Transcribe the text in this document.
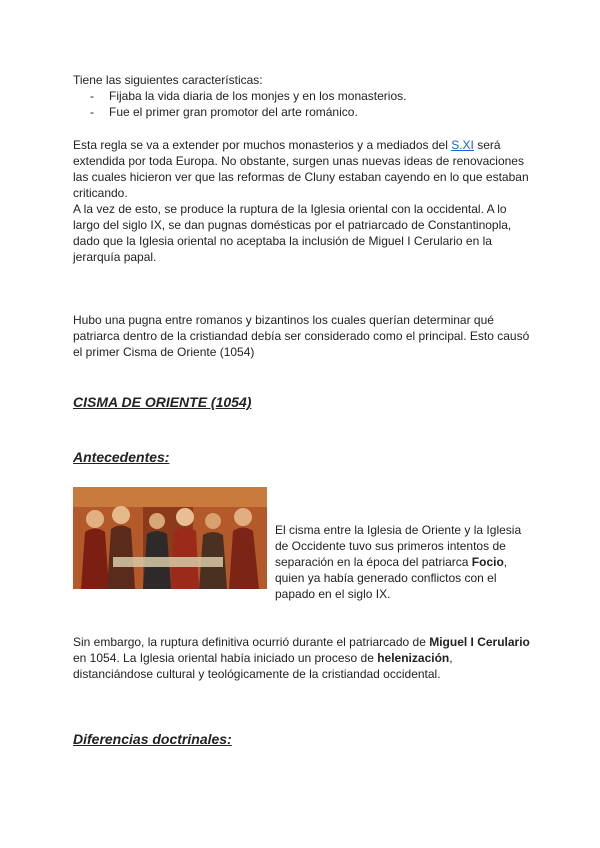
Tiene las siguientes características:

- Fijaba la vida diaria de los monjes y en los monasterios.
- Fue el primer gran promotor del arte románico.

Esta regla se va a extender por muchos monasterios y a mediados del S.XI será extendida por toda Europa. No obstante, surgen unas nuevas ideas de renovaciones las cuales hicieron ver que las reformas de Cluny estaban cayendo en lo que estaban criticando.

A la vez de esto, se produce la ruptura de la Iglesia oriental con la occidental. A lo largo del siglo IX, se dan pugnas domésticas por el patriarcado de Constantinopla, dado que la Iglesia oriental no aceptaba la inclusión de Miguel I Cerulario en la jerarquía papal.

Hubo una pugna entre romanos y bizantinos los cuales querían determinar qué patriarca dentro de la cristiandad debía ser considerado como el principal. Esto causó el primer Cisma de Oriente (1054)

CISMA DE ORIENTE (1054)
Antecedentes:

El cisma entre la Iglesia de Oriente y la Iglesia de Occidente tuvo sus primeros intentos de separación en la época del patriarca Focio, quien ya había generado conflictos con el papado en el siglo IX.

Sin embargo, la ruptura definitiva ocurrió durante el patriarcado de Miguel I Cerulario en 1054. La Iglesia oriental había iniciado un proceso de helenización, distanciándose cultural y teológicamente de la cristiandad occidental.

Diferencias doctrinales:
